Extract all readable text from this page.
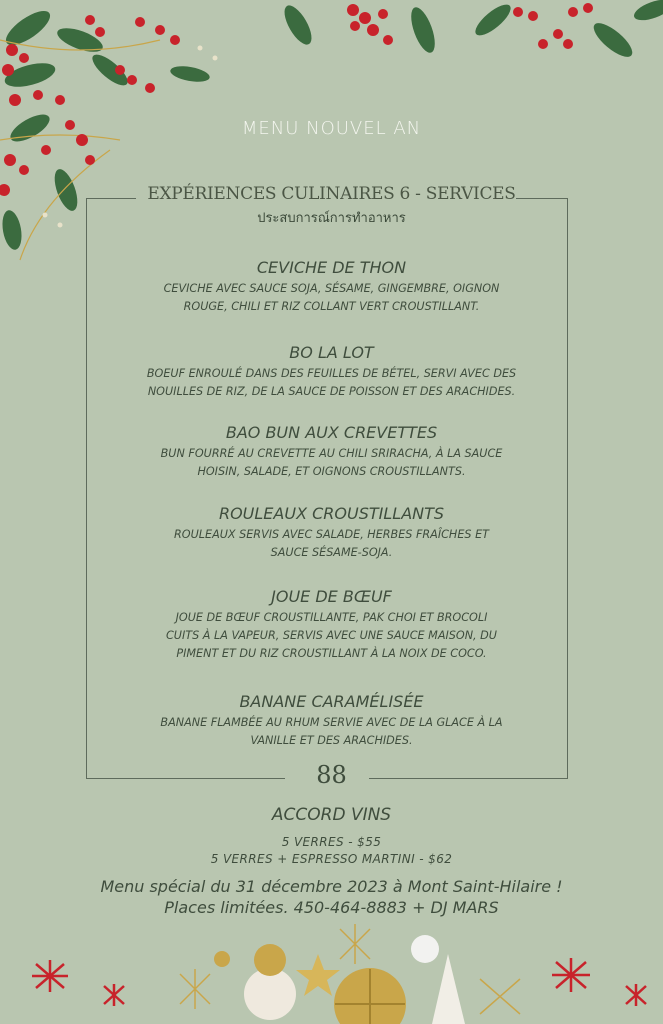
MENU NOUVEL AN
EXPÉRIENCES CULINAIRES 6 - SERVICES
ประสบการณ์การทำอาหาร
CEVICHE DE THON
CEVICHE AVEC SAUCE SOJA, SÉSAME, GINGEMBRE, OIGNON
ROUGE, CHILI ET RIZ COLLANT VERT CROUSTILLANT.
BO LA LOT
BOEUF ENROULÉ DANS DES FEUILLES DE BÉTEL, SERVI AVEC DES
NOUILLES DE RIZ, DE LA SAUCE DE POISSON ET DES ARACHIDES.
BAO BUN AUX CREVETTES
BUN FOURRÉ AU CREVETTE AU CHILI SRIRACHA, À LA SAUCE
HOISIN, SALADE, ET OIGNONS CROUSTILLANTS.
ROULEAUX CROUSTILLANTS
ROULEAUX SERVIS AVEC SALADE, HERBES FRAÎCHES ET
SAUCE SÉSAME-SOJA.
JOUE DE BŒUF
JOUE DE BŒUF CROUSTILLANTE, PAK CHOI ET BROCOLI
CUITS À LA VAPEUR, SERVIS AVEC UNE SAUCE MAISON, DU
PIMENT ET DU RIZ CROUSTILLANT À LA NOIX DE COCO.
BANANE CARAMÉLISÉE
BANANE FLAMBÉE AU RHUM SERVIE AVEC DE LA GLACE À LA
VANILLE ET DES ARACHIDES.
88
ACCORD VINS
5 VERRES - $55
5 VERRES + ESPRESSO MARTINI - $62
Menu spécial du 31 décembre 2023 à Mont Saint-Hilaire !
Places limitées. 450-464-8883 + DJ MARS
